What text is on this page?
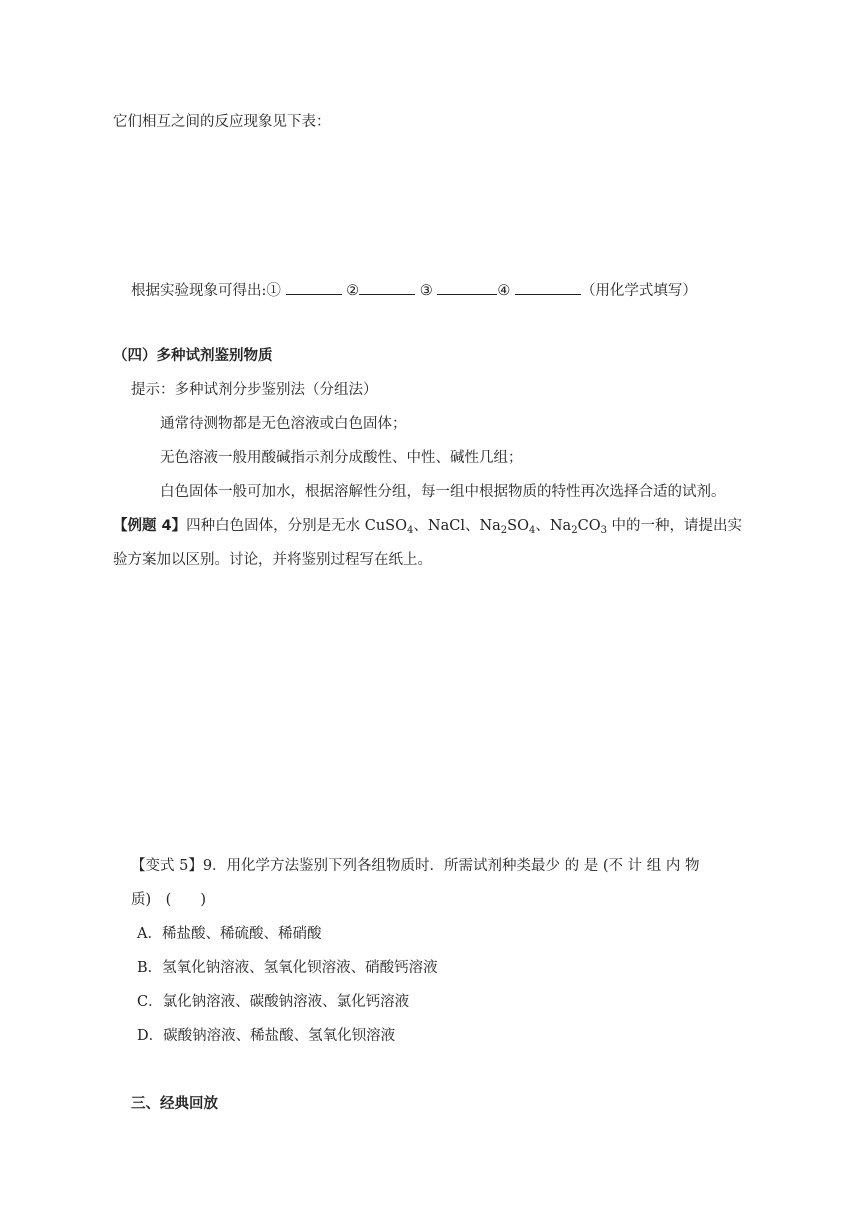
它们相互之间的反应现象见下表：
根据实验现象可得出:①	②	③	④	（用化学式填写）
（四）多种试剂鉴别物质
提示：多种试剂分步鉴别法（分组法）
通常待测物都是无色溶液或白色固体；
无色溶液一般用酸碱指示剂分成酸性、中性、碱性几组；
白色固体一般可加水，根据溶解性分组，每一组中根据物质的特性再次选择合适的试剂。
【例题 4】四种白色固体，分别是无水 CuSO$_4$、NaCl、$Na_2SO_4$、$Na_2CO_3$ 中的一种，请提出实
验方案加以区别。讨论，并将鉴别过程写在纸上。
【变式 5】9．用化学方法鉴别下列各组物质时．所需试剂种类最少 的 是 (不 计 组 内 物
质)　(　　)
A．稀盐酸、稀硫酸、稀硝酸
B．氢氧化钠溶液、氢氧化钡溶液、硝酸钙溶液
C．氯化钠溶液、碳酸钠溶液、氯化钙溶液
D．碳酸钠溶液、稀盐酸、氢氧化钡溶液
三、经典回放
